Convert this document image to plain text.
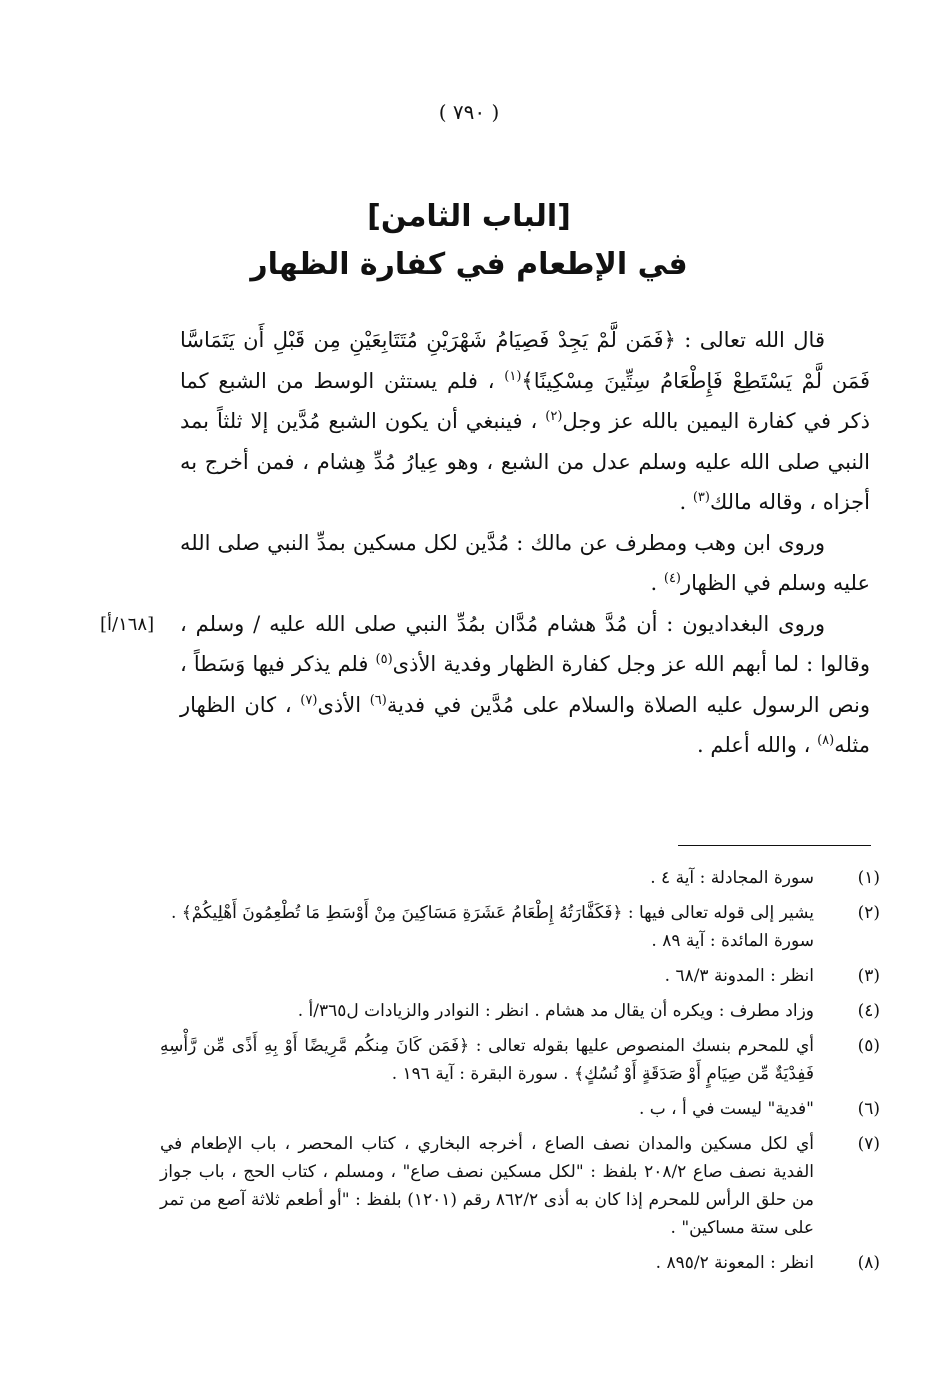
( ٧٩٠ )
[الباب الثامن]
في الإطعام في كفارة الظهار
[١٦٨/أ]

قال الله تعالى : ﴿فَمَن لَّمْ يَجِدْ فَصِيَامُ شَهْرَيْنِ مُتَتَابِعَيْنِ مِن قَبْلِ أَن يَتَمَاسَّا فَمَن لَّمْ يَسْتَطِعْ فَإِطْعَامُ سِتِّينَ مِسْكِينًا﴾$^{(١)}$ ، فلم يستثن الوسط من الشبع كما ذكر في كفارة اليمين بالله عز وجل$^{(٢)}$ ، فينبغي أن يكون الشبع مُدَّين إلا ثلثاً بمد النبي صلى الله عليه وسلم عدل من الشبع ، وهو عِيارُ مُدِّ هِشام ، فمن أخرج به أجزاه ، وقاله مالك$^{(٣)}$ .

وروى ابن وهب ومطرف عن مالك : مُدَّين لكل مسكين بمدِّ النبي صلى الله عليه وسلم في الظهار$^{(٤)}$ .

وروى البغداديون : أن مُدَّ هشام مُدَّان بمُدِّ النبي صلى الله عليه / وسلم ، وقالوا : لما أبهم الله عز وجل كفارة الظهار وفدية الأذى$^{(٥)}$ فلم يذكر فيها وَسَطاً ، ونص الرسول عليه الصلاة والسلام على مُدَّين في فدية$^{(٦)}$ الأذى$^{(٧)}$ ، كان الظهار مثله$^{(٨)}$ ، والله أعلم .

(١)
سورة المجادلة : آية ٤ .
(٢)
يشير إلى قوله تعالى فيها : ﴿فَكَفَّارَتُهُ إِطْعَامُ عَشَرَةِ مَسَاكِينَ مِنْ أَوْسَطِ مَا تُطْعِمُونَ أَهْلِيكُمْ﴾ .
سورة المائدة : آية ٨٩ .
(٣)
انظر : المدونة ٦٨/٣ .
(٤)
وزاد مطرف : ويكره أن يقال مد هشام . انظر : النوادر والزيادات ل٣٦٥/أ .
(٥)
أي للمحرم بنسك المنصوص عليها بقوله تعالى : ﴿فَمَن كَانَ مِنكُم مَّرِيضًا أَوْ بِهِ أَذًى مِّن رَّأْسِهِ فَفِدْيَةٌ مِّن صِيَامٍ أَوْ صَدَقَةٍ أَوْ نُسُكٍ﴾ . سورة البقرة : آية ١٩٦ .
(٦)
"فدية" ليست في أ ، ب .
(٧)
أي لكل مسكين والمدان نصف الصاع ، أخرجه البخاري ، كتاب المحصر ، باب الإطعام في الفدية نصف صاع ٢٠٨/٢ بلفظ : "لكل مسكين نصف صاع" ، ومسلم ، كتاب الحج ، باب جواز من حلق الرأس للمحرم إذا كان به أذى ٨٦٢/٢ رقم (١٢٠١) بلفظ : "أو أطعم ثلاثة آصع من تمر على ستة مساكين" .
(٨)
انظر : المعونة ٨٩٥/٢ .
